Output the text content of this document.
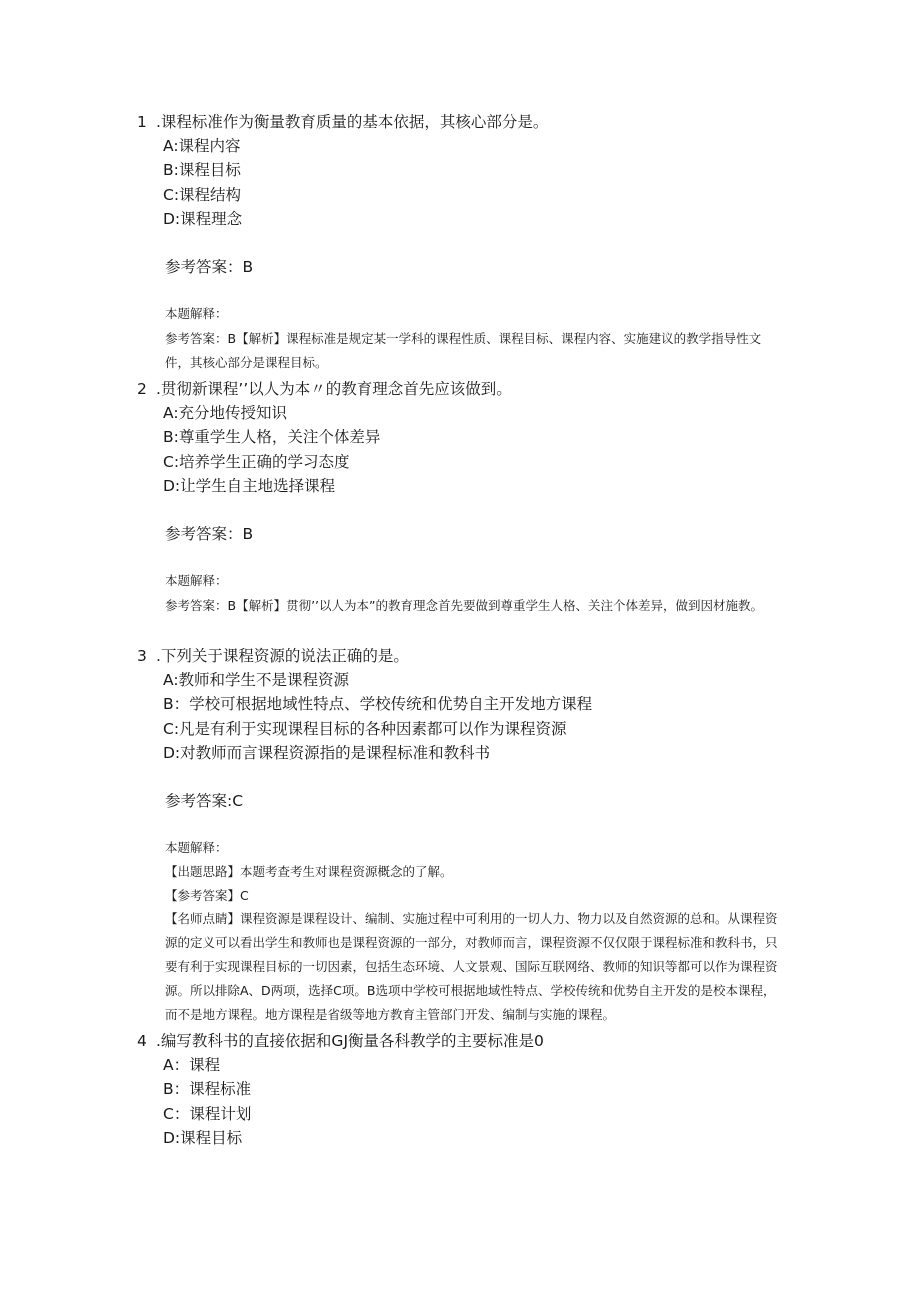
1 .课程标准作为衡量教育质量的基本依据，其核心部分是。
A:课程内容
B:课程目标
C:课程结构
D:课程理念
参考答案：B
本题解释：

参考答案：B【解析】课程标准是规定某一学科的课程性质、课程目标、课程内容、实施建议的教学指导性文件，其核心部分是课程目标。

2 .贯彻新课程’’以人为本〃的教育理念首先应该做到。
A:充分地传授知识
B:尊重学生人格，关注个体差异
C:培养学生正确的学习态度
D:让学生自主地选择课程
参考答案：B
本题解释：

参考答案：B【解析】贯彻’’以人为本”的教育理念首先要做到尊重学生人格、关注个体差异，做到因材施教。

3 .下列关于课程资源的说法正确的是。
A:教师和学生不是课程资源
B：学校可根据地域性特点、学校传统和优势自主开发地方课程
C:凡是有利于实现课程目标的各种因素都可以作为课程资源
D:对教师而言课程资源指的是课程标准和教科书
参考答案:C
本题解释：
【出题思路】本题考查考生对课程资源概念的了解。
【参考答案】C

【名师点睛】课程资源是课程设计、编制、实施过程中可利用的一切人力、物力以及自然资源的总和。从课程资源的定义可以看出学生和教师也是课程资源的一部分，对教师而言，课程资源不仅仅限于课程标准和教科书，只要有利于实现课程目标的一切因素，包括生态环境、人文景观、国际互联网络、教师的知识等都可以作为课程资源。所以排除A、D两项，选择C项。B选项中学校可根据地域性特点、学校传统和优势自主开发的是校本课程，而不是地方课程。地方课程是省级等地方教育主管部门开发、编制与实施的课程。

4 .编写教科书的直接依据和GJ衡量各科教学的主要标准是0
A：课程
B：课程标准
C：课程计划
D:课程目标
